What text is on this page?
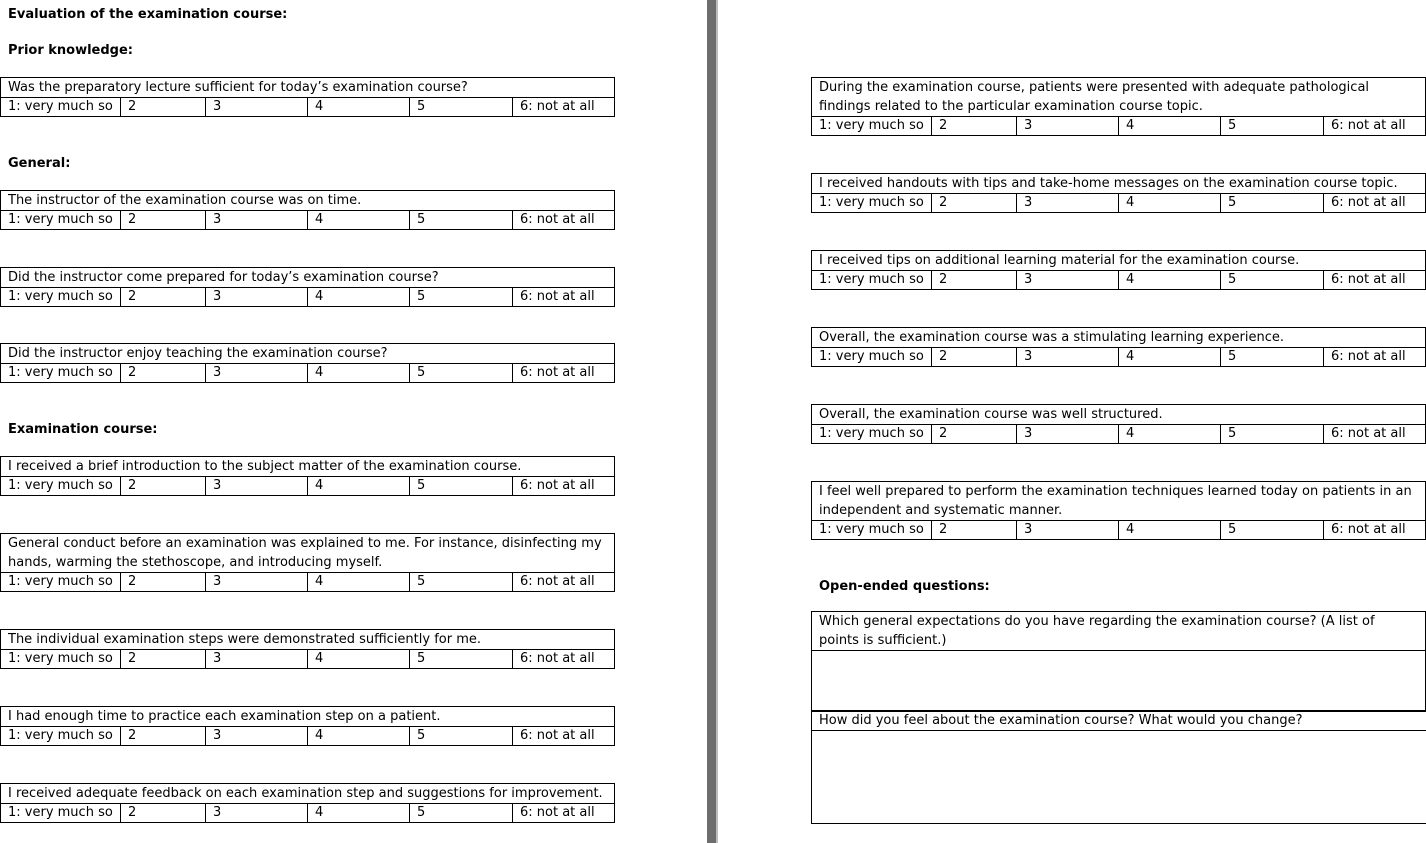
Evaluation of the examination course:
Prior knowledge:
General:
Examination course:
Open-ended questions:
Was the preparatory lecture sufficient for today’s examination course?
1: very much so	2	3	4	5	6: not at all
The instructor of the examination course was on time.
1: very much so	2	3	4	5	6: not at all
Did the instructor come prepared for today’s examination course?
1: very much so	2	3	4	5	6: not at all
Did the instructor enjoy teaching the examination course?
1: very much so	2	3	4	5	6: not at all
I received a brief introduction to the subject matter of the examination course.
1: very much so	2	3	4	5	6: not at all
General conduct before an examination was explained to me. For instance, disinfecting my hands, warming the stethoscope, and introducing myself.
1: very much so	2	3	4	5	6: not at all
The individual examination steps were demonstrated sufficiently for me.
1: very much so	2	3	4	5	6: not at all
I had enough time to practice each examination step on a patient.
1: very much so	2	3	4	5	6: not at all
I received adequate feedback on each examination step and suggestions for improvement.
1: very much so	2	3	4	5	6: not at all
During the examination course, patients were presented with adequate pathological findings related to the particular examination course topic.
1: very much so	2	3	4	5	6: not at all
I received handouts with tips and take-home messages on the examination course topic.
1: very much so	2	3	4	5	6: not at all
I received tips on additional learning material for the examination course.
1: very much so	2	3	4	5	6: not at all
Overall, the examination course was a stimulating learning experience.
1: very much so	2	3	4	5	6: not at all
Overall, the examination course was well structured.
1: very much so	2	3	4	5	6: not at all
I feel well prepared to perform the examination techniques learned today on patients in an independent and systematic manner.
1: very much so	2	3	4	5	6: not at all
Which general expectations do you have regarding the examination course? (A list of points is sufficient.)

How did you feel about the examination course? What would you change?
